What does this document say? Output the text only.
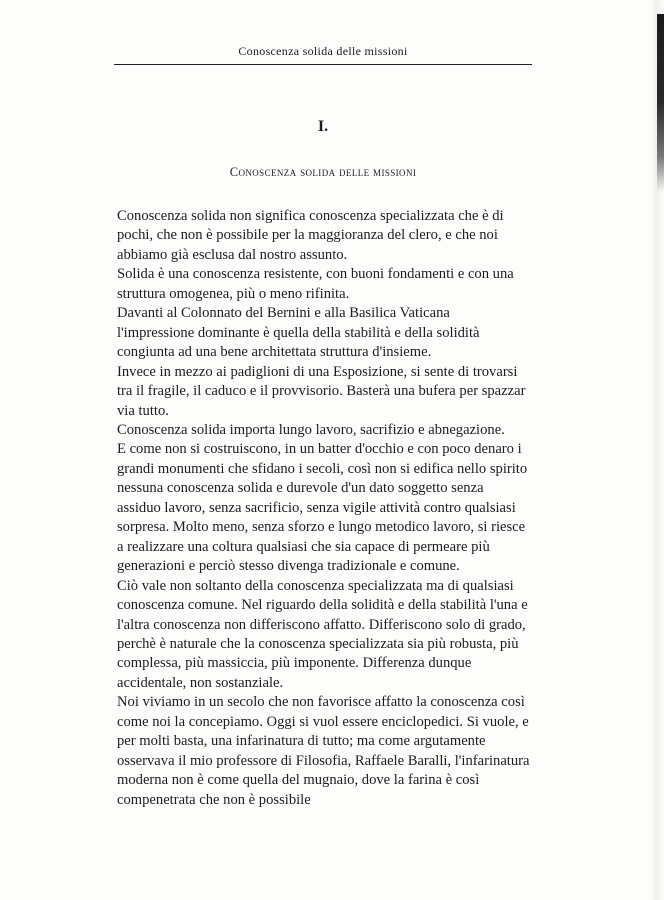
Conoscenza solida delle missioni
I.
Conoscenza solida delle missioni

Conoscenza solida non significa conoscenza specializzata che è di pochi, che non è possibile per la maggioranza del clero, e che noi abbiamo già esclusa dal nostro assunto.

Solida è una conoscenza resistente, con buoni fondamenti e con una struttura omogenea, più o meno rifinita.

Davanti al Colonnato del Bernini e alla Basilica Vaticana l'impressione dominante è quella della stabilità e della solidità congiunta ad una bene architettata struttura d'insieme.

Invece in mezzo ai padiglioni di una Esposizione, si sente di trovarsi tra il fragile, il caduco e il provvisorio. Basterà una bufera per spazzar via tutto.

Conoscenza solida importa lungo lavoro, sacrifizio e abnegazione.

E come non si costruiscono, in un batter d'occhio e con poco denaro i grandi monumenti che sfidano i secoli, così non si edifica nello spirito nessuna conoscenza solida e durevole d'un dato soggetto senza assiduo lavoro, senza sacrificio, senza vigile attività contro qualsiasi sorpresa. Molto meno, senza sforzo e lungo metodico lavoro, si riesce a realizzare una coltura qualsiasi che sia capace di permeare più generazioni e perciò stesso divenga tradizionale e comune.

Ciò vale non soltanto della conoscenza specializzata ma di qualsiasi conoscenza comune. Nel riguardo della solidità e della stabilità l'una e l'altra conoscenza non differiscono affatto. Differiscono solo di grado, perchè è naturale che la conoscenza specializzata sia più robusta, più complessa, più massiccia, più imponente. Differenza dunque accidentale, non sostanziale.

Noi viviamo in un secolo che non favorisce affatto la conoscenza così come noi la concepiamo. Oggi si vuol essere enciclopedici. Si vuole, e per molti basta, una infarinatura di tutto; ma come argutamente osservava il mio professore di Filosofia, Raffaele Baralli, l'infarinatura moderna non è come quella del mugnaio, dove la farina è così compenetrata che non è possibile
